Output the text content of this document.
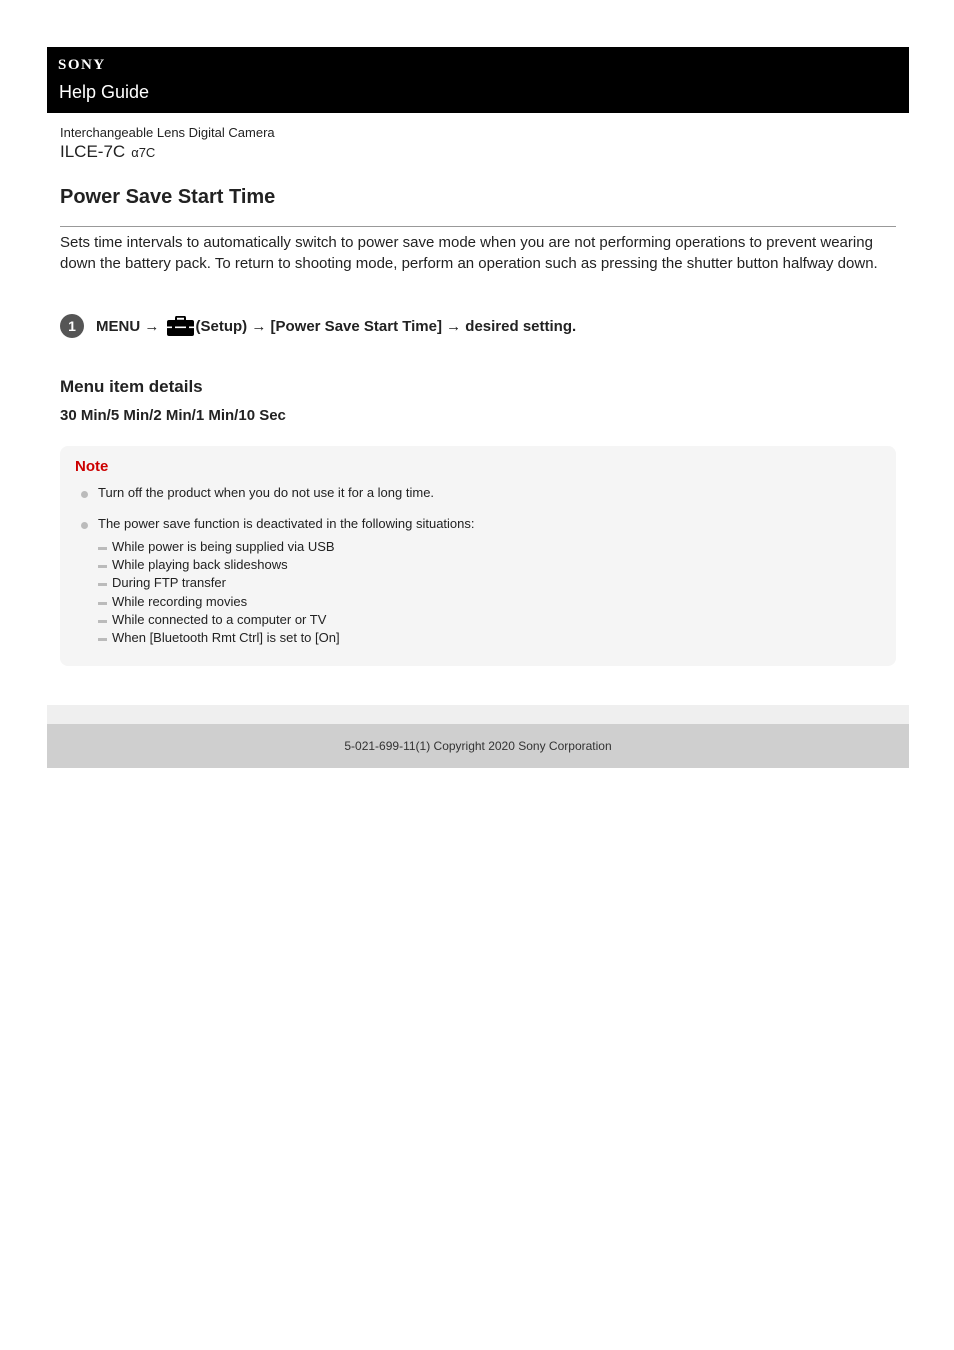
SONY
Help Guide
Interchangeable Lens Digital Camera
ILCE-7C α7C
Power Save Start Time
Sets time intervals to automatically switch to power save mode when you are not performing operations to prevent wearing down the battery pack. To return to shooting mode, perform an operation such as pressing the shutter button halfway down.
1	MENU → (Setup) → [Power Save Start Time] → desired setting.
Menu item details
30 Min/5 Min/2 Min/1 Min/10 Sec
Note
Turn off the product when you do not use it for a long time.
The power save function is deactivated in the following situations:
While power is being supplied via USB
While playing back slideshows
During FTP transfer
While recording movies
While connected to a computer or TV
When [Bluetooth Rmt Ctrl] is set to [On]
5-021-699-11(1) Copyright 2020 Sony Corporation
